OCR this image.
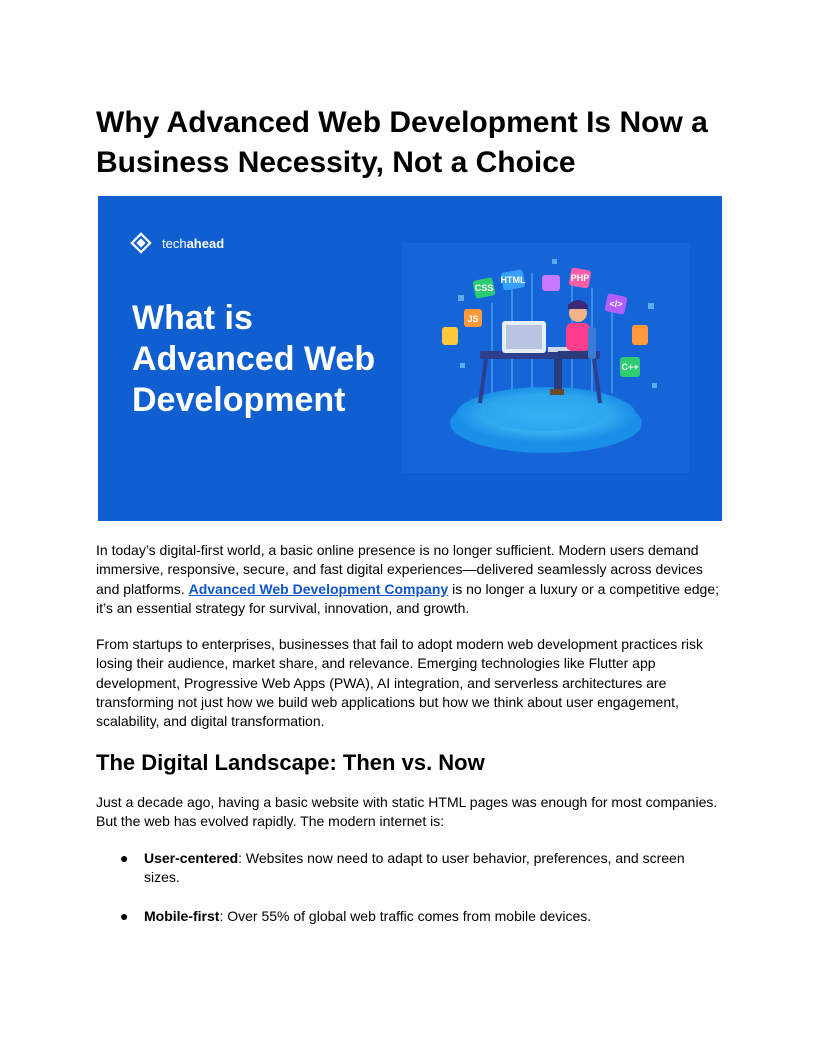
Why Advanced Web Development Is Now a Business Necessity, Not a Choice
techahead
What is Advanced Web Development
CSS
HTML	PHP
JS
</>
C++

In today’s digital-first world, a basic online presence is no longer sufficient. Modern users demand immersive, responsive, secure, and fast digital experiences—delivered seamlessly across devices and platforms. Advanced Web Development Company is no longer a luxury or a competitive edge; it’s an essential strategy for survival, innovation, and growth.

From startups to enterprises, businesses that fail to adopt modern web development practices risk losing their audience, market share, and relevance. Emerging technologies like Flutter app development, Progressive Web Apps (PWA), AI integration, and serverless architectures are transforming not just how we build web applications but how we think about user engagement, scalability, and digital transformation.

The Digital Landscape: Then vs. Now

Just a decade ago, having a basic website with static HTML pages was enough for most companies. But the web has evolved rapidly. The modern internet is:

● User-centered: Websites now need to adapt to user behavior, preferences, and screen sizes.
● Mobile-first: Over 55% of global web traffic comes from mobile devices.
